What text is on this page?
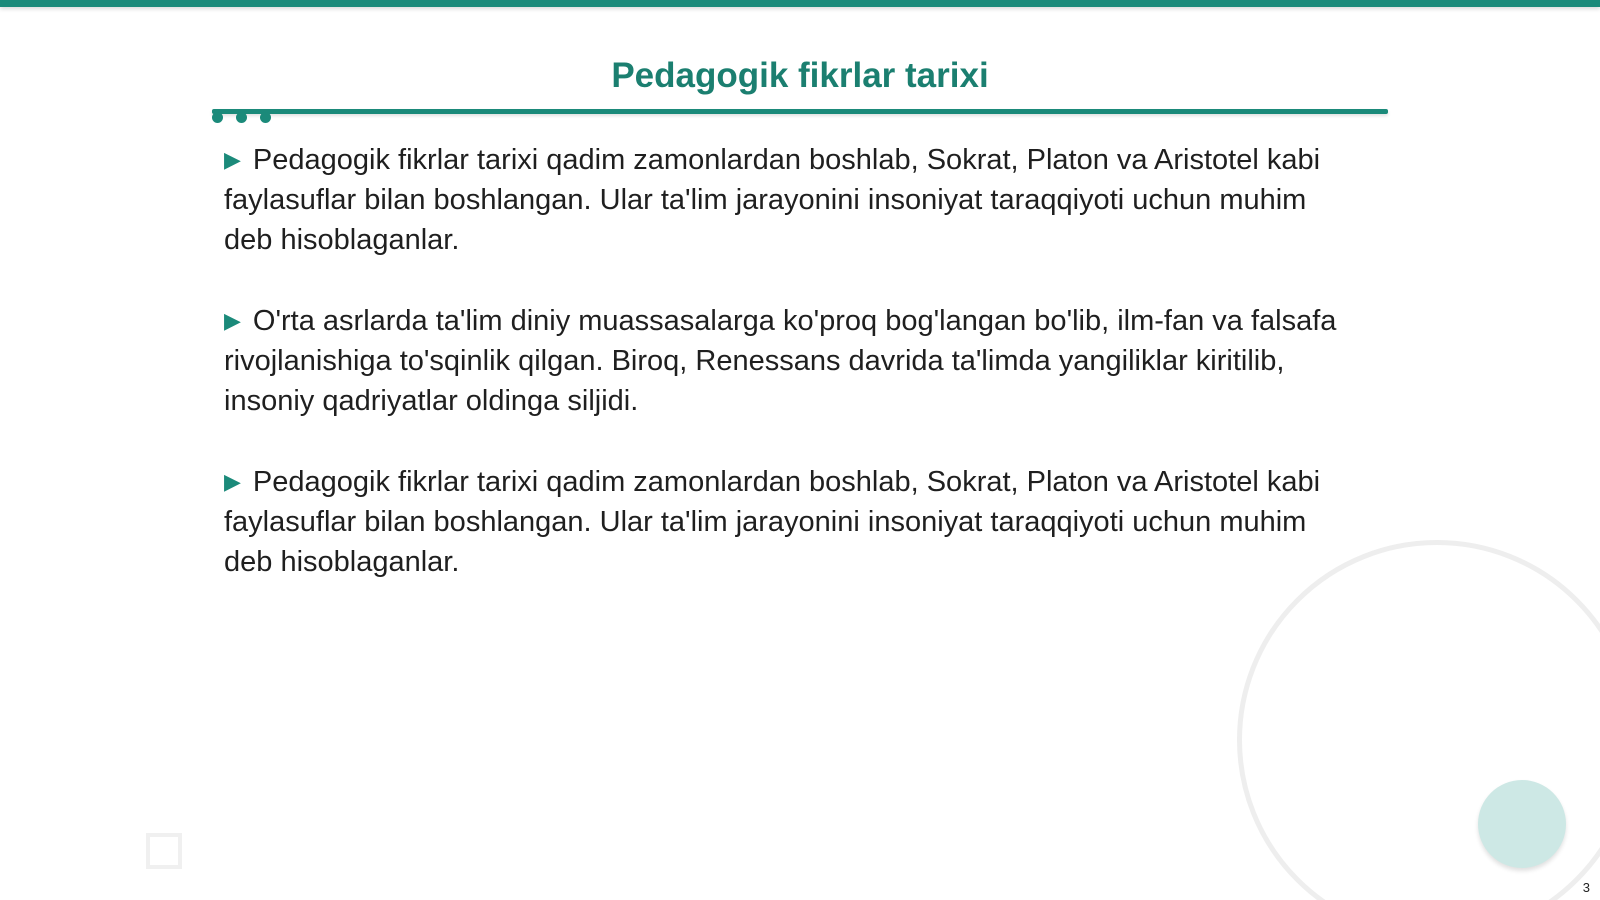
Pedagogik fikrlar tarixi

▶ Pedagogik fikrlar tarixi qadim zamonlardan boshlab, Sokrat, Platon va Aristotel kabi faylasuflar bilan boshlangan. Ular ta'lim jarayonini insoniyat taraqqiyoti uchun muhim deb hisoblaganlar.

▶ O'rta asrlarda ta'lim diniy muassasalarga ko'proq bog'langan bo'lib, ilm-fan va falsafa rivojlanishiga to'sqinlik qilgan. Biroq, Renessans davrida ta'limda yangiliklar kiritilib, insoniy qadriyatlar oldinga siljidi.

▶ Pedagogik fikrlar tarixi qadim zamonlardan boshlab, Sokrat, Platon va Aristotel kabi faylasuflar bilan boshlangan. Ular ta'lim jarayonini insoniyat taraqqiyoti uchun muhim deb hisoblaganlar.

3
